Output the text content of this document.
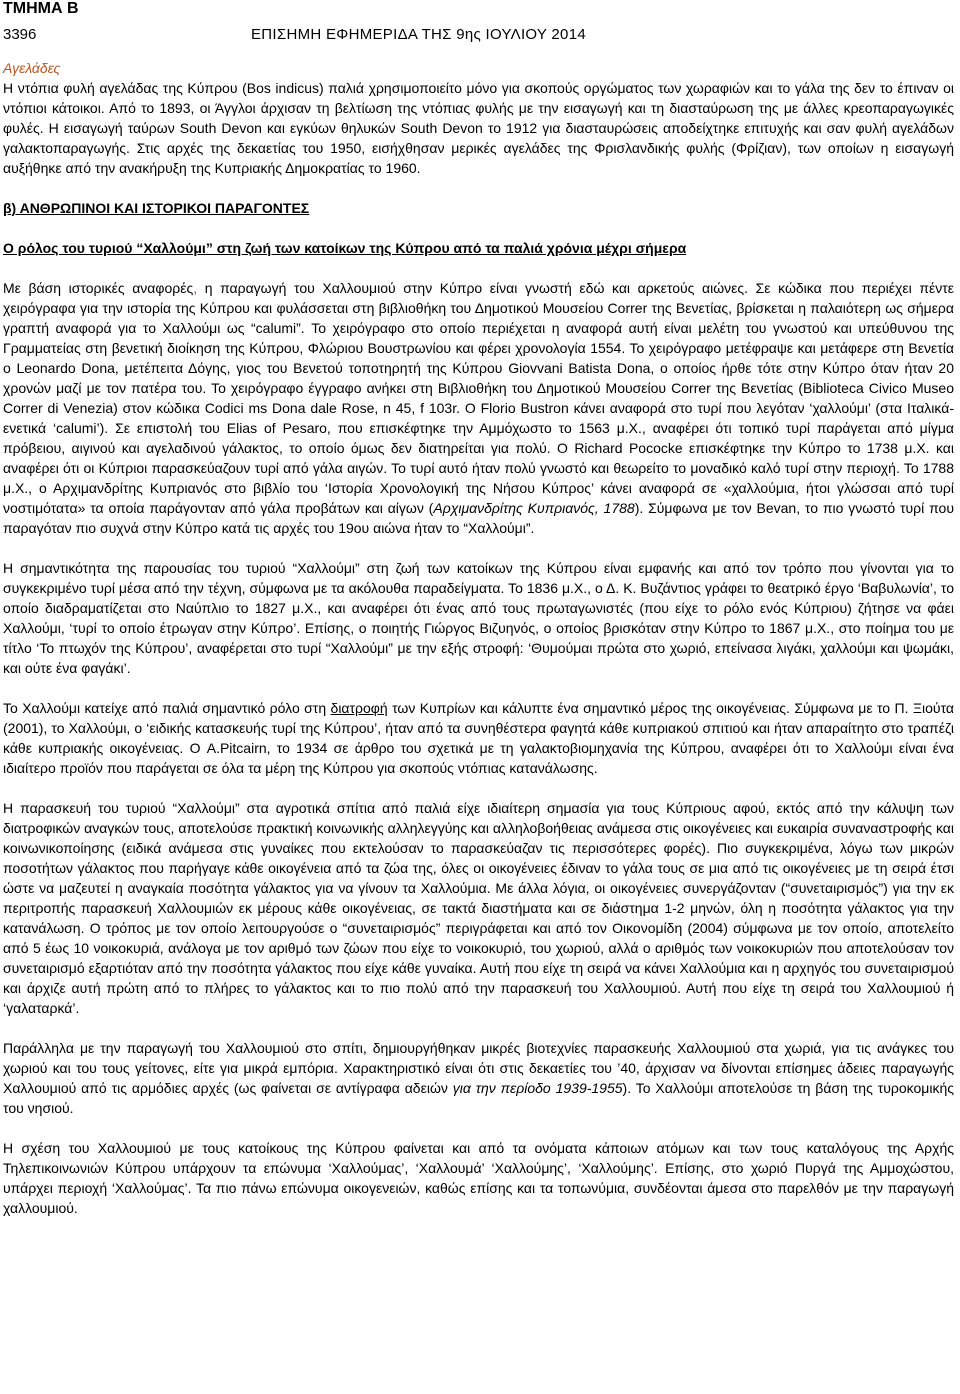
ΤΜΗΜΑ Β
3396	ΕΠΙΣΗΜΗ ΕΦΗΜΕΡΙΔΑ ΤΗΣ 9ης ΙΟΥΛΙΟΥ 2014
Αγελάδες

Η ντόπια φυλή αγελάδας της Κύπρου (Bos indicus) παλιά χρησιμοποιείτο μόνο για σκοπούς οργώματος των χωραφιών και το γάλα της δεν το έπιναν οι ντόπιοι κάτοικοι. Από το 1893, οι Άγγλοι άρχισαν τη βελτίωση της ντόπιας φυλής με την εισαγωγή και τη διασταύρωση της με άλλες κρεοπαραγωγικές φυλές. Η εισαγωγή ταύρων South Devon και εγκύων θηλυκών South Devon το 1912 για διασταυρώσεις αποδείχτηκε επιτυχής και σαν φυλή αγελάδων γαλακτοπαραγωγής. Στις αρχές της δεκαετίας του 1950, εισήχθησαν μερικές αγελάδες της Φρισλανδικής φυλής (Φρίζιαν), των οποίων η εισαγωγή αυξήθηκε από την ανακήρυξη της Κυπριακής Δημοκρατίας το 1960.

β) ΑΝΘΡΩΠΙΝΟΙ ΚΑΙ ΙΣΤΟΡΙΚΟΙ ΠΑΡΑΓΟΝΤΕΣ
Ο ρόλος του τυριού “Χαλλούμι” στη ζωή των κατοίκων της Κύπρου από τα παλιά χρόνια μέχρι σήμερα

Με βάση ιστορικές αναφορές, η παραγωγή του Χαλλουμιού στην Κύπρο είναι γνωστή εδώ και αρκετούς αιώνες. Σε κώδικα που περιέχει πέντε χειρόγραφα για την ιστορία της Κύπρου και φυλάσσεται στη βιβλιοθήκη του Δημοτικού Μουσείου Correr της Βενετίας, βρίσκεται η παλαιότερη ως σήμερα γραπτή αναφορά για το Χαλλούμι ως “calumi”. Το χειρόγραφο στο οποίο περιέχεται η αναφορά αυτή είναι μελέτη του γνωστού και υπεύθυνου της Γραμματείας στη βενετική διοίκηση της Κύπρου, Φλώριου Βουστρωνίου και φέρει χρονολογία 1554. Το χειρόγραφο μετέφραψε και μετάφερε στη Βενετία ο Leonardo Dona, μετέπειτα Δόγης, γιος του Βενετού τοποτηρητή της Κύπρου Giovvani Batista Dona, ο οποίος ήρθε τότε στην Κύπρο όταν ήταν 20 χρονών μαζί με τον πατέρα του. Το χειρόγραφο έγγραφο ανήκει στη Βιβλιοθήκη του Δημοτικού Μουσείου Correr της Βενετίας (Biblioteca Civico Museo Correr di Venezia) στον κώδικα Codici ms Dona dale Rose, n 45, f 103r. Ο Florio Bustron κάνει αναφορά στο τυρί που λεγόταν ‘χαλλούμι’ (στα Ιταλικά-ενετικά ‘calumi’). Σε επιστολή του Elias of Pesaro, που επισκέφτηκε την Αμμόχωστο το 1563 μ.Χ., αναφέρει ότι τοπικό τυρί παράγεται από μίγμα πρόβειου, αιγινού και αγελαδινού γάλακτος, το οποίο όμως δεν διατηρείται για πολύ. Ο Richard Pococke επισκέφτηκε την Κύπρο το 1738 μ.Χ. και αναφέρει ότι οι Κύπριοι παρασκεύαζουν τυρί από γάλα αιγών. Το τυρί αυτό ήταν πολύ γνωστό και θεωρείτο το μοναδικό καλό τυρί στην περιοχή. Το 1788 μ.Χ., ο Αρχιμανδρίτης Κυπριανός στο βιβλίο του ‘Ιστορία Χρονολογική της Νήσου Κύπρος’ κάνει αναφορά σε «χαλλούμια, ήτοι γλώσσαι από τυρί νοστιμότατα» τα οποία παράγονταν από γάλα προβάτων και αίγων (Αρχιμανδρίτης Κυπριανός, 1788). Σύμφωνα με τον Bevan, το πιο γνωστό τυρί που παραγόταν πιο συχνά στην Κύπρο κατά τις αρχές του 19ου αιώνα ήταν το “Χαλλούμι”.

Η σημαντικότητα της παρουσίας του τυριού “Χαλλούμι” στη ζωή των κατοίκων της Κύπρου είναι εμφανής και από τον τρόπο που γίνονται για το συγκεκριμένο τυρί μέσα από την τέχνη, σύμφωνα με τα ακόλουθα παραδείγματα. Το 1836 μ.Χ., ο Δ. Κ. Βυζάντιος γράφει το θεατρικό έργο ‘Βαβυλωνία’, το οποίο διαδραματίζεται στο Ναύπλιο το 1827 μ.Χ., και αναφέρει ότι ένας από τους πρωταγωνιστές (που είχε το ρόλο ενός Κύπριου) ζήτησε να φάει Χαλλούμι, ‘τυρί το οποίο έτρωγαν στην Κύπρο’. Επίσης, ο ποιητής Γιώργος Βιζυηνός, ο οποίος βρισκόταν στην Κύπρο το 1867 μ.Χ., στο ποίημα του με τίτλο ‘Το πτωχόν της Κύπρου’, αναφέρεται στο τυρί “Χαλλούμι” με την εξής στροφή: ‘Θυμούμαι πρώτα στο χωριό, επείνασα λιγάκι, χαλλούμι και ψωμάκι, και ούτε ένα φαγάκι’.

Το Χαλλούμι κατείχε από παλιά σημαντικό ρόλο στη διατροφή των Κυπρίων και κάλυπτε ένα σημαντικό μέρος της οικογένειας. Σύμφωνα με το Π. Ξιούτα (2001), το Χαλλούμι, ο ‘ειδικής κατασκευής τυρί της Κύπρου’, ήταν από τα συνηθέστερα φαγητά κάθε κυπριακού σπιτιού και ήταν απαραίτητο στο τραπέζι κάθε κυπριακής οικογένειας. Ο A.Pitcairn, το 1934 σε άρθρο του σχετικά με τη γαλακτοβιομηχανία της Κύπρου, αναφέρει ότι το Χαλλούμι είναι ένα ιδιαίτερο προϊόν που παράγεται σε όλα τα μέρη της Κύπρου για σκοπούς ντόπιας κατανάλωσης.

Η παρασκευή του τυριού “Χαλλούμι” στα αγροτικά σπίτια από παλιά είχε ιδιαίτερη σημασία για τους Κύπριους αφού, εκτός από την κάλυψη των διατροφικών αναγκών τους, αποτελούσε πρακτική κοινωνικής αλληλεγγύης και αλληλοβοήθειας ανάμεσα στις οικογένειες και ευκαιρία συναναστροφής και κοινωνικοποίησης (ειδικά ανάμεσα στις γυναίκες που εκτελούσαν το παρασκεύαζαν τις περισσότερες φορές). Πιο συγκεκριμένα, λόγω των μικρών ποσοτήτων γάλακτος που παρήγαγε κάθε οικογένεια από τα ζώα της, όλες οι οικογένειες έδιναν το γάλα τους σε μια από τις οικογένειες με τη σειρά έτσι ώστε να μαζευτεί η αναγκαία ποσότητα γάλακτος για να γίνουν τα Χαλλούμια. Με άλλα λόγια, οι οικογένειες συνεργάζονταν (“συνεταιρισμός”) για την εκ περιτροπής παρασκευή Χαλλουμιών εκ μέρους κάθε οικογένειας, σε τακτά διαστήματα και σε διάστημα 1-2 μηνών, όλη η ποσότητα γάλακτος για την κατανάλωση. Ο τρόπος με τον οποίο λειτουργούσε ο “συνεταιρισμός” περιγράφεται και από τον Οικονομίδη (2004) σύμφωνα με τον οποίο, αποτελείτο από 5 έως 10 νοικοκυριά, ανάλογα με τον αριθμό των ζώων που είχε το νοικοκυριό, του χωριού, αλλά ο αριθμός των νοικοκυριών που αποτελούσαν τον συνεταιρισμό εξαρτιόταν από την ποσότητα γάλακτος που είχε κάθε γυναίκα. Αυτή που είχε τη σειρά να κάνει Χαλλούμια και η αρχηγός του συνεταιρισμού και άρχιζε αυτή πρώτη από το πλήρες το γάλακτος και το πιο πολύ από την παρασκευή του Χαλλουμιού. Αυτή που είχε τη σειρά του Χαλλουμιού ή ‘γαλαταρκά’.

Παράλληλα με την παραγωγή του Χαλλουμιού στο σπίτι, δημιουργήθηκαν μικρές βιοτεχνίες παρασκευής Χαλλουμιού στα χωριά, για τις ανάγκες του χωριού και του τους γείτονες, είτε για μικρά εμπόρια. Χαρακτηριστικό είναι ότι στις δεκαετίες του ’40, άρχισαν να δίνονται επίσημες άδειες παραγωγής Χαλλουμιού από τις αρμόδιες αρχές (ως φαίνεται σε αντίγραφα αδειών για την περίοδο 1939-1955). Το Χαλλούμι αποτελούσε τη βάση της τυροκομικής του νησιού.

Η σχέση του Χαλλουμιού με τους κατοίκους της Κύπρου φαίνεται και από τα ονόματα κάποιων ατόμων και των τους καταλόγους της Αρχής Τηλεπικοινωνιών Κύπρου υπάρχουν τα επώνυμα ‘Χαλλούμας’, ‘Χαλλουμά’ ‘Χαλλούμης’, ‘Χαλλούμης’. Επίσης, στο χωριό Πυργά της Αμμοχώστου, υπάρχει περιοχή ‘Χαλλούμας’. Τα πιο πάνω επώνυμα οικογενειών, καθώς επίσης και τα τοπωνύμια, συνδέονται άμεσα στο παρελθόν με την παραγωγή χαλλουμιού.
